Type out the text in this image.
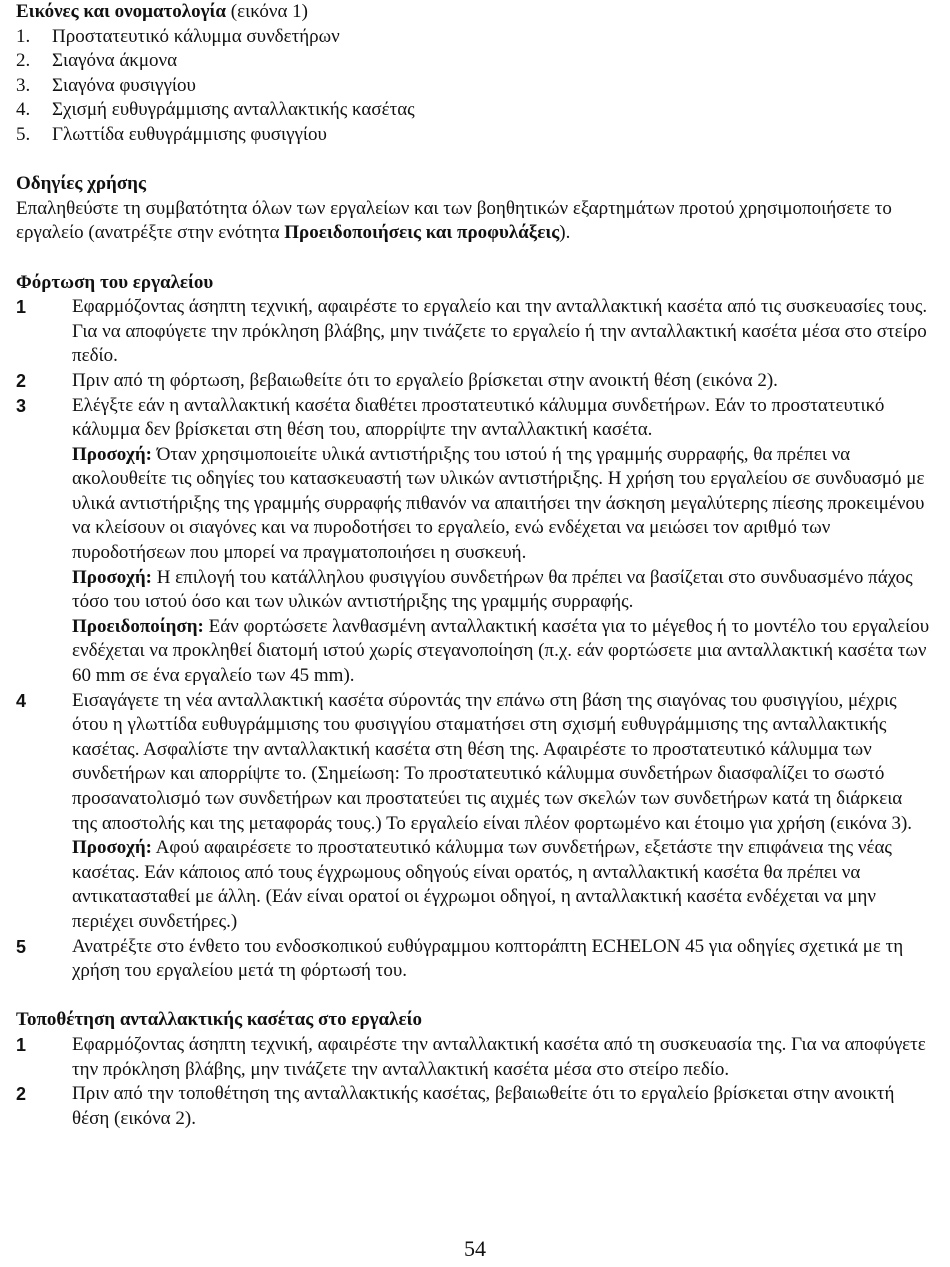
Εικόνες και ονοματολογία (εικόνα 1)
1.	Προστατευτικό κάλυμμα συνδετήρων
2.	Σιαγόνα άκμονα
3.	Σιαγόνα φυσιγγίου
4.	Σχισμή ευθυγράμμισης ανταλλακτικής κασέτας
5.	Γλωττίδα ευθυγράμμισης φυσιγγίου
Οδηγίες χρήσης
Επαληθεύστε τη συμβατότητα όλων των εργαλείων και των βοηθητικών εξαρτημάτων προτού χρησιμοποιήσετε το εργαλείο (ανατρέξτε στην ενότητα Προειδοποιήσεις και προφυλάξεις).
Φόρτωση του εργαλείου
1	Εφαρμόζοντας άσηπτη τεχνική, αφαιρέστε το εργαλείο και την ανταλλακτική κασέτα από τις συσκευασίες τους. Για να αποφύγετε την πρόκληση βλάβης, μην τινάζετε το εργαλείο ή την ανταλλακτική κασέτα μέσα στο στείρο πεδίο.
2	Πριν από τη φόρτωση, βεβαιωθείτε ότι το εργαλείο βρίσκεται στην ανοικτή θέση (εικόνα 2).
3	Ελέγξτε εάν η ανταλλακτική κασέτα διαθέτει προστατευτικό κάλυμμα συνδετήρων. Εάν το προστατευτικό κάλυμμα δεν βρίσκεται στη θέση του, απορρίψτε την ανταλλακτική κασέτα.
Προσοχή: Όταν χρησιμοποιείτε υλικά αντιστήριξης του ιστού ή της γραμμής συρραφής, θα πρέπει να ακολουθείτε τις οδηγίες του κατασκευαστή των υλικών αντιστήριξης. Η χρήση του εργαλείου σε συνδυασμό με υλικά αντιστήριξης της γραμμής συρραφής πιθανόν να απαιτήσει την άσκηση μεγαλύτερης πίεσης προκειμένου να κλείσουν οι σιαγόνες και να πυροδοτήσει το εργαλείο, ενώ ενδέχεται να μειώσει τον αριθμό των πυροδοτήσεων που μπορεί να πραγματοποιήσει η συσκευή.
Προσοχή: Η επιλογή του κατάλληλου φυσιγγίου συνδετήρων θα πρέπει να βασίζεται στο συνδυασμένο πάχος τόσο του ιστού όσο και των υλικών αντιστήριξης της γραμμής συρραφής.
Προειδοποίηση: Εάν φορτώσετε λανθασμένη ανταλλακτική κασέτα για το μέγεθος ή το μοντέλο του εργαλείου ενδέχεται να προκληθεί διατομή ιστού χωρίς στεγανοποίηση (π.χ. εάν φορτώσετε μια ανταλλακτική κασέτα των 60 mm σε ένα εργαλείο των 45 mm).
4	Εισαγάγετε τη νέα ανταλλακτική κασέτα σύροντάς την επάνω στη βάση της σιαγόνας του φυσιγγίου, μέχρις ότου η γλωττίδα ευθυγράμμισης του φυσιγγίου σταματήσει στη σχισμή ευθυγράμμισης της ανταλλακτικής κασέτας. Ασφαλίστε την ανταλλακτική κασέτα στη θέση της. Αφαιρέστε το προστατευτικό κάλυμμα των συνδετήρων και απορρίψτε το. (Σημείωση: Το προστατευτικό κάλυμμα συνδετήρων διασφαλίζει το σωστό προσανατολισμό των συνδετήρων και προστατεύει τις αιχμές των σκελών των συνδετήρων κατά τη διάρκεια της αποστολής και της μεταφοράς τους.) Το εργαλείο είναι πλέον φορτωμένο και έτοιμο για χρήση (εικόνα 3).
Προσοχή: Αφού αφαιρέσετε το προστατευτικό κάλυμμα των συνδετήρων, εξετάστε την επιφάνεια της νέας κασέτας. Εάν κάποιος από τους έγχρωμους οδηγούς είναι ορατός, η ανταλλακτική κασέτα θα πρέπει να αντικατασταθεί με άλλη. (Εάν είναι ορατοί οι έγχρωμοι οδηγοί, η ανταλλακτική κασέτα ενδέχεται να μην περιέχει συνδετήρες.)
5	Ανατρέξτε στο ένθετο του ενδοσκοπικού ευθύγραμμου κοπτοράπτη ECHELON 45 για οδηγίες σχετικά με τη χρήση του εργαλείου μετά τη φόρτωσή του.
Τοποθέτηση ανταλλακτικής κασέτας στο εργαλείο
1	Εφαρμόζοντας άσηπτη τεχνική, αφαιρέστε την ανταλλακτική κασέτα από τη συσκευασία της. Για να αποφύγετε την πρόκληση βλάβης, μην τινάζετε την ανταλλακτική κασέτα μέσα στο στείρο πεδίο.
2	Πριν από την τοποθέτηση της ανταλλακτικής κασέτας, βεβαιωθείτε ότι το εργαλείο βρίσκεται στην ανοικτή θέση (εικόνα 2).
54
